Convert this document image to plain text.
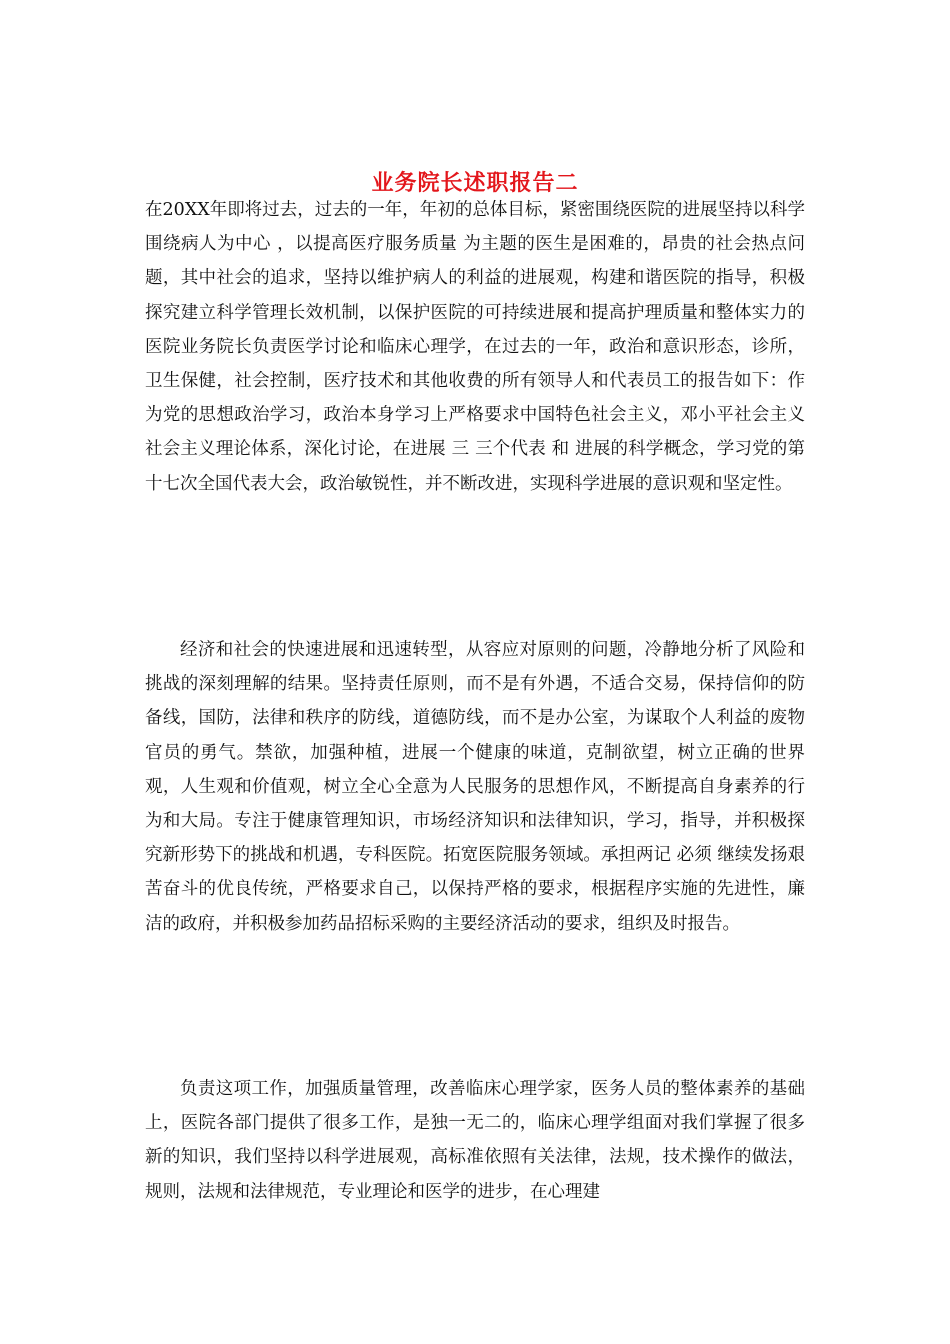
业务院长述职报告二

在20XX年即将过去，过去的一年，年初的总体目标，紧密围绕医院的进展坚持以科学围绕病人为中心 ，以提高医疗服务质量 为主题的医生是困难的，昂贵的社会热点问题，其中社会的追求，坚持以维护病人的利益的进展观，构建和谐医院的指导，积极探究建立科学管理长效机制，以保护医院的可持续进展和提高护理质量和整体实力的医院业务院长负责医学讨论和临床心理学，在过去的一年，政治和意识形态，诊所，卫生保健，社会控制，医疗技术和其他收费的所有领导人和代表员工的报告如下：作为党的思想政治学习，政治本身学习上严格要求中国特色社会主义，邓小平社会主义社会主义理论体系，深化讨论，在进展 三 三个代表 和 进展的科学概念，学习党的第十七次全国代表大会，政治敏锐性，并不断改进，实现科学进展的意识观和坚定性。

经济和社会的快速进展和迅速转型，从容应对原则的问题，冷静地分析了风险和挑战的深刻理解的结果。坚持责任原则，而不是有外遇，不适合交易，保持信仰的防备线，国防，法律和秩序的防线，道德防线，而不是办公室，为谋取个人利益的废物官员的勇气。禁欲，加强种植，进展一个健康的味道，克制欲望，树立正确的世界观，人生观和价值观，树立全心全意为人民服务的思想作风，不断提高自身素养的行为和大局。专注于健康管理知识，市场经济知识和法律知识，学习，指导，并积极探究新形势下的挑战和机遇，专科医院。拓宽医院服务领域。承担两记 必须 继续发扬艰苦奋斗的优良传统，严格要求自己，以保持严格的要求，根据程序实施的先进性，廉洁的政府，并积极参加药品招标采购的主要经济活动的要求，组织及时报告。

负责这项工作，加强质量管理，改善临床心理学家，医务人员的整体素养的基础上，医院各部门提供了很多工作，是独一无二的，临床心理学组面对我们掌握了很多新的知识，我们坚持以科学进展观，高标准依照有关法律，法规，技术操作的做法，规则，法规和法律规范，专业理论和医学的进步，在心理建
